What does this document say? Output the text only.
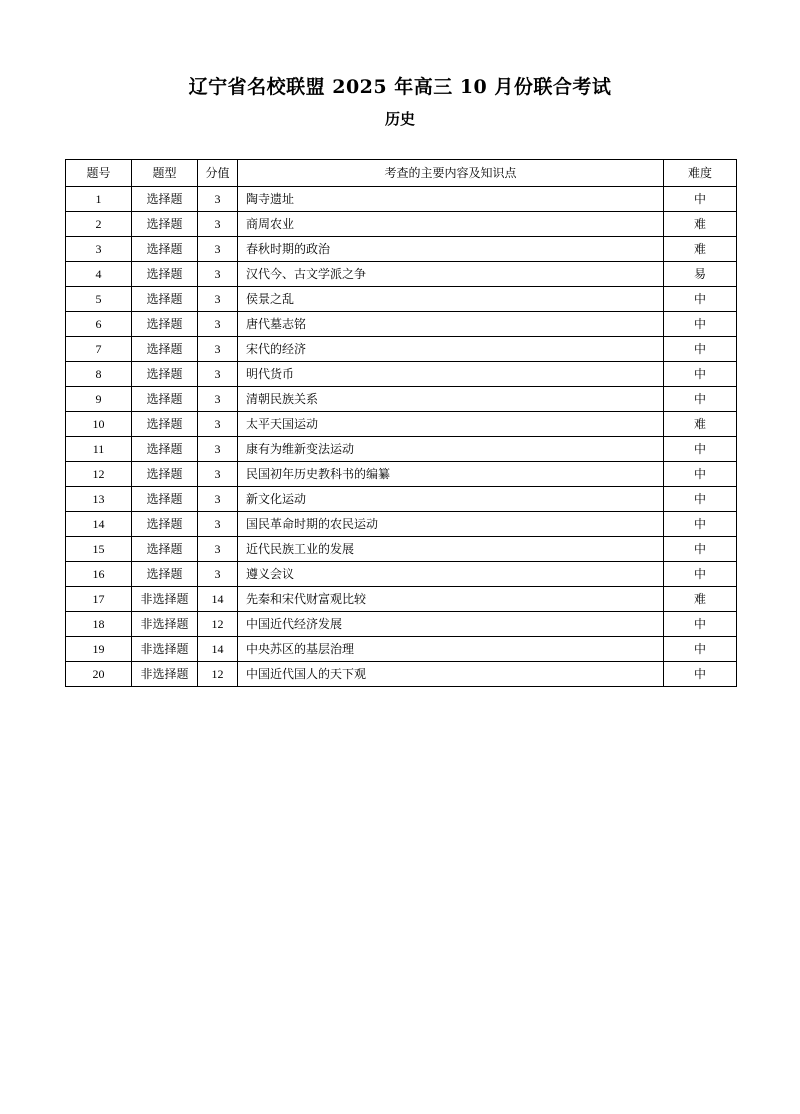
辽宁省名校联盟 2025 年高三 10 月份联合考试
历史
题号	题型	分值	考查的主要内容及知识点	难度
1	选择题	3	陶寺遗址	中
2	选择题	3	商周农业	难
3	选择题	3	春秋时期的政治	难
4	选择题	3	汉代今、古文学派之争	易
5	选择题	3	侯景之乱	中
6	选择题	3	唐代墓志铭	中
7	选择题	3	宋代的经济	中
8	选择题	3	明代货币	中
9	选择题	3	清朝民族关系	中
10	选择题	3	太平天国运动	难
11	选择题	3	康有为维新变法运动	中
12	选择题	3	民国初年历史教科书的编纂	中
13	选择题	3	新文化运动	中
14	选择题	3	国民革命时期的农民运动	中
15	选择题	3	近代民族工业的发展	中
16	选择题	3	遵义会议	中
17	非选择题	14	先秦和宋代财富观比较	难
18	非选择题	12	中国近代经济发展	中
19	非选择题	14	中央苏区的基层治理	中
20	非选择题	12	中国近代国人的天下观	中
